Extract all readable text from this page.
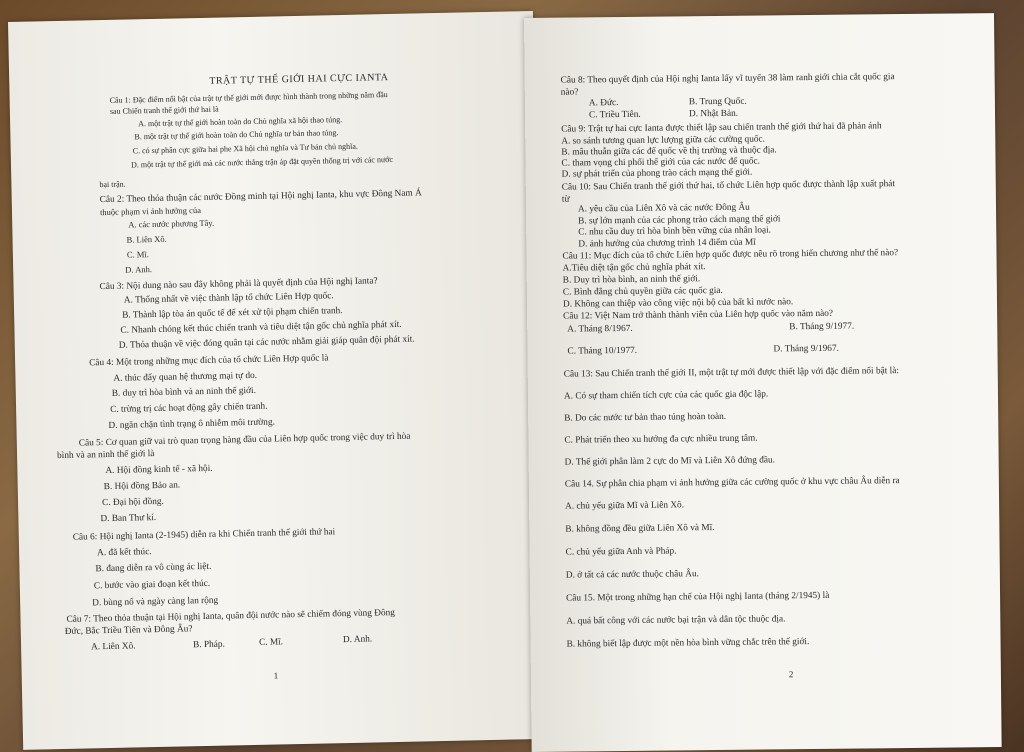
TRẬT TỰ THẾ GIỚI HAI CỰC IANTA
Câu 1: Đặc điểm nổi bật của trật tự thế giới mới được hình thành trong những năm đầu
sau Chiến tranh thế giới thứ hai là
A. một trật tự thế giới hoàn toàn do Chủ nghĩa xã hội thao túng.
B. một trật tự thế giới hoàn toàn do Chủ nghĩa tư bản thao túng.
C. có sự phân cực giữa hai phe Xã hội chủ nghĩa và Tư bản chủ nghĩa.
D. một trật tự thế giới mà các nước thắng trận áp đặt quyền thống trị với các nước
bại trận.
Câu 2: Theo thỏa thuận các nước Đồng minh tại Hội nghị Ianta, khu vực Đông Nam Á
thuộc phạm vi ảnh hưởng của
A. các nước phương Tây.
B. Liên Xô.
C. Mĩ.
D. Anh.
Câu 3: Nội dung nào sau đây không phải là quyết định của Hội nghị Ianta?
A. Thống nhất về việc thành lập tổ chức Liên Hợp quốc.
B. Thành lập tòa án quốc tế để xét xử tội phạm chiến tranh.
C. Nhanh chóng kết thúc chiến tranh và tiêu diệt tận gốc chủ nghĩa phát xít.
D. Thỏa thuận về việc đóng quân tại các nước nhằm giải giáp quân đội phát xít.
Câu 4: Một trong những mục đích của tổ chức Liên Hợp quốc là
A. thúc đẩy quan hệ thương mại tự do.
B. duy trì hòa bình và an ninh thế giới.
C. trừng trị các hoạt động gây chiến tranh.
D. ngăn chặn tình trạng ô nhiễm môi trường.
Câu 5: Cơ quan giữ vai trò quan trọng hàng đầu của Liên hợp quốc trong việc duy trì hòa
bình và an ninh thế giới là
A. Hội đồng kinh tế - xã hội.
B. Hội đồng Bảo an.
C. Đại hội đồng.
D. Ban Thư kí.
Câu 6: Hội nghị Ianta (2-1945) diễn ra khi Chiến tranh thế giới thứ hai
A. đã kết thúc.
B. đang diễn ra vô cùng ác liệt.
C. bước vào giai đoạn kết thúc.
D. bùng nổ và ngày càng lan rộng
Câu 7: Theo thỏa thuận tại Hội nghị Ianta, quân đội nước nào sẽ chiếm đóng vùng Đông
Đức, Bắc Triều Tiên và Đông Âu?
A. Liên Xô.	B. Pháp.	C. Mĩ.	D. Anh.
1
Câu 8: Theo quyết định của Hội nghị Ianta lấy vĩ tuyến 38 làm ranh giới chia cắt quốc gia
nào?
A. Đức.	B. Trung Quốc.
C. Triều Tiên.	D. Nhật Bản.
Câu 9: Trật tự hai cực Ianta được thiết lập sau chiến tranh thế giới thứ hai đã phản ánh
A. so sánh tương quan lực lượng giữa các cường quốc.
B. mâu thuẫn giữa các đế quốc về thị trường và thuộc địa.
C. tham vọng chi phối thế giới của các nước đế quốc.
D. sự phát triển của phong trào cách mạng thế giới.
Câu 10: Sau Chiến tranh thế giới thứ hai, tổ chức Liên hợp quốc được thành lập xuất phát
từ
A. yêu cầu của Liên Xô và các nước Đông Âu
B. sự lớn mạnh của các phong trào cách mạng thế giới
C. nhu cầu duy trì hòa bình bền vững của nhân loại.
D. ảnh hưởng của chương trình 14 điểm của Mĩ
Câu 11: Mục đích của tổ chức Liên hợp quốc được nêu rõ trong hiến chương như thế nào?
A.Tiêu diệt tận gốc chủ nghĩa phát xít.
B. Duy trì hòa bình, an ninh thế giới.
C. Bình đẳng chủ quyền giữa các quốc gia.
D. Không can thiệp vào công việc nội bộ của bất kì nước nào.
Câu 12: Việt Nam trở thành thành viên của Liên hợp quốc vào năm nào?
A. Tháng 8/1967.	B. Tháng 9/1977.
C. Tháng 10/1977.	D. Tháng 9/1967.
Câu 13: Sau Chiến tranh thế giới II, một trật tự mới được thiết lập với đặc điểm nổi bật là:
A. Có sự tham chiến tích cực của các quốc gia độc lập.
B. Do các nước tư bản thao túng hoàn toàn.
C. Phát triển theo xu hướng đa cực nhiều trung tâm.
D. Thế giới phân làm 2 cực do Mĩ và Liên Xô đứng đầu.
Câu 14. Sự phân chia phạm vi ảnh hưởng giữa các cường quốc ở khu vực châu Âu diễn ra
A. chủ yếu giữa Mĩ và Liên Xô.
B. không đồng đều giữa Liên Xô và Mĩ.
C. chủ yếu giữa Anh và Pháp.
D. ở tất cả các nước thuộc châu Âu.
Câu 15. Một trong những hạn chế của Hội nghị Ianta (tháng 2/1945) là
A. quá bất công với các nước bại trận và dân tộc thuộc địa.
B. không biết lập được một nền hòa bình vững chắc trên thế giới.
2
